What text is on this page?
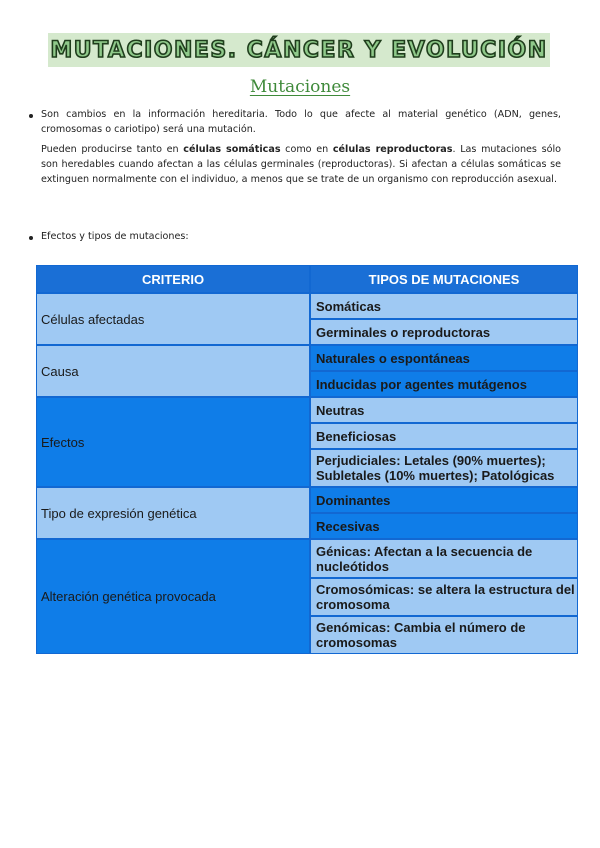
MUTACIONES. CÁNCER Y EVOLUCIÓN
Mutaciones
Son cambios en la información hereditaria. Todo lo que afecte al material genético (ADN, genes, cromosomas o cariotipo) será una mutación.
Pueden producirse tanto en células somáticas como en células reproductoras. Las mutaciones sólo son heredables cuando afectan a las células germinales (reproductoras). Si afectan a células somáticas se extinguen normalmente con el individuo, a menos que se trate de un organismo con reproducción asexual.
Efectos y tipos de mutaciones:
CRITERIO	TIPOS DE MUTACIONES
Células afectadas
Somáticas
Germinales o reproductoras
Causa
Naturales o espontáneas
Inducidas por agentes mutágenos
Efectos
Neutras
Beneficiosas
Perjudiciales: Letales (90% muertes); Subletales (10% muertes); Patológicas
Tipo de expresión genética
Dominantes
Recesivas
Alteración genética provocada
Génicas: Afectan a la secuencia de nucleótidos
Cromosómicas: se altera la estructura del cromosoma
Genómicas: Cambia el número de cromosomas
